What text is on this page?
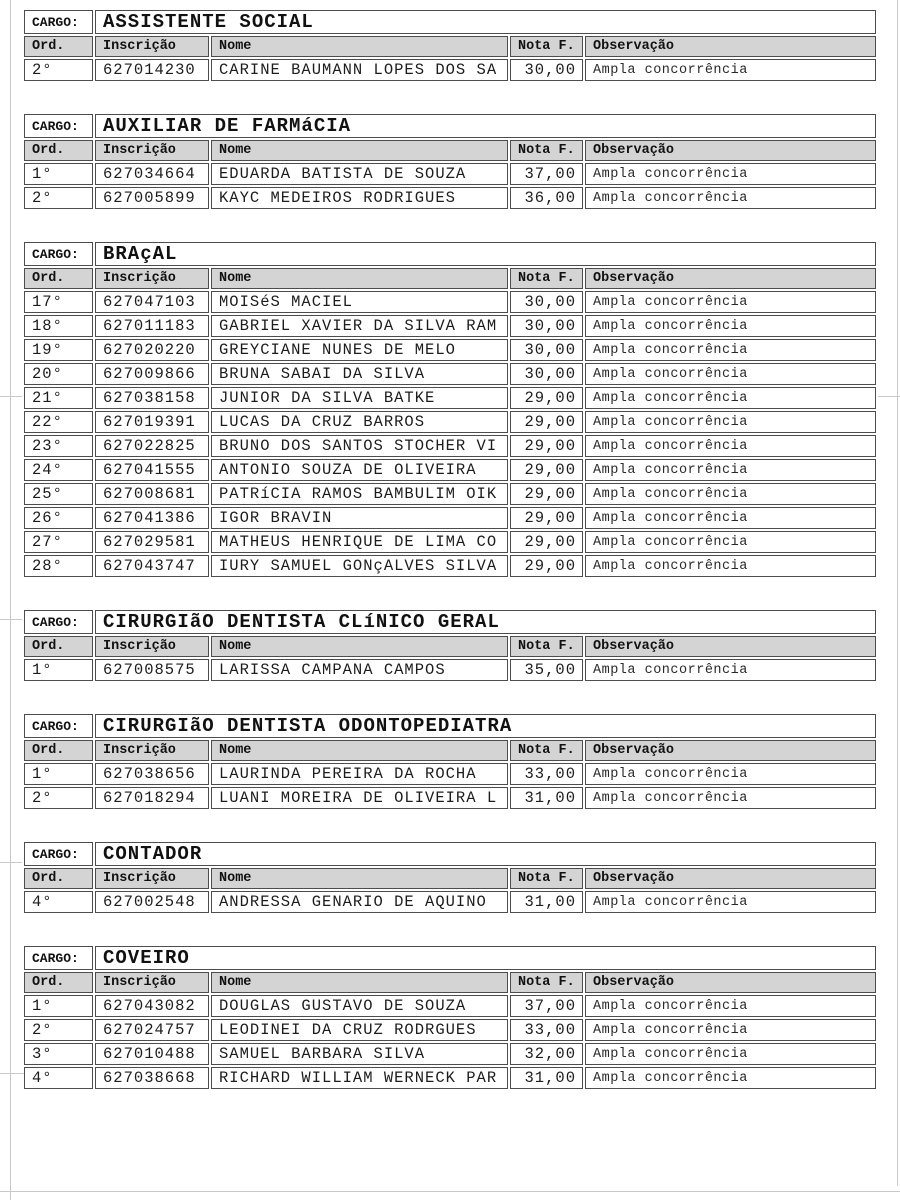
CARGO:	ASSISTENTE SOCIAL			
Ord.	Inscrição	Nome	Nota F.	Observação
2°	627014230	CARINE BAUMANN LOPES DOS SA	30,00	Ampla concorrência
CARGO:	AUXILIAR DE FARMáCIA			
Ord.	Inscrição	Nome	Nota F.	Observação
1°	627034664	EDUARDA BATISTA DE SOUZA	37,00	Ampla concorrência
2°	627005899	KAYC MEDEIROS RODRIGUES	36,00	Ampla concorrência
CARGO:	BRAçAL			
Ord.	Inscrição	Nome	Nota F.	Observação
17°	627047103	MOISéS MACIEL	30,00	Ampla concorrência
18°	627011183	GABRIEL XAVIER DA SILVA RAM	30,00	Ampla concorrência
19°	627020220	GREYCIANE NUNES DE MELO	30,00	Ampla concorrência
20°	627009866	BRUNA SABAI DA SILVA	30,00	Ampla concorrência
21°	627038158	JUNIOR DA SILVA BATKE	29,00	Ampla concorrência
22°	627019391	LUCAS DA CRUZ BARROS	29,00	Ampla concorrência
23°	627022825	BRUNO DOS SANTOS STOCHER VI	29,00	Ampla concorrência
24°	627041555	ANTONIO SOUZA DE OLIVEIRA	29,00	Ampla concorrência
25°	627008681	PATRíCIA RAMOS BAMBULIM OIK	29,00	Ampla concorrência
26°	627041386	IGOR BRAVIN	29,00	Ampla concorrência
27°	627029581	MATHEUS HENRIQUE DE LIMA CO	29,00	Ampla concorrência
28°	627043747	IURY SAMUEL GONçALVES SILVA	29,00	Ampla concorrência
CARGO:	CIRURGIãO DENTISTA CLíNICO GERAL			
Ord.	Inscrição	Nome	Nota F.	Observação
1°	627008575	LARISSA CAMPANA CAMPOS	35,00	Ampla concorrência
CARGO:	CIRURGIãO DENTISTA ODONTOPEDIATRA			
Ord.	Inscrição	Nome	Nota F.	Observação
1°	627038656	LAURINDA PEREIRA DA ROCHA	33,00	Ampla concorrência
2°	627018294	LUANI MOREIRA DE OLIVEIRA L	31,00	Ampla concorrência
CARGO:	CONTADOR			
Ord.	Inscrição	Nome	Nota F.	Observação
4°	627002548	ANDRESSA GENARIO DE AQUINO	31,00	Ampla concorrência
CARGO:	COVEIRO			
Ord.	Inscrição	Nome	Nota F.	Observação
1°	627043082	DOUGLAS GUSTAVO DE SOUZA	37,00	Ampla concorrência
2°	627024757	LEODINEI DA CRUZ RODRGUES	33,00	Ampla concorrência
3°	627010488	SAMUEL BARBARA SILVA	32,00	Ampla concorrência
4°	627038668	RICHARD WILLIAM WERNECK PAR	31,00	Ampla concorrência
